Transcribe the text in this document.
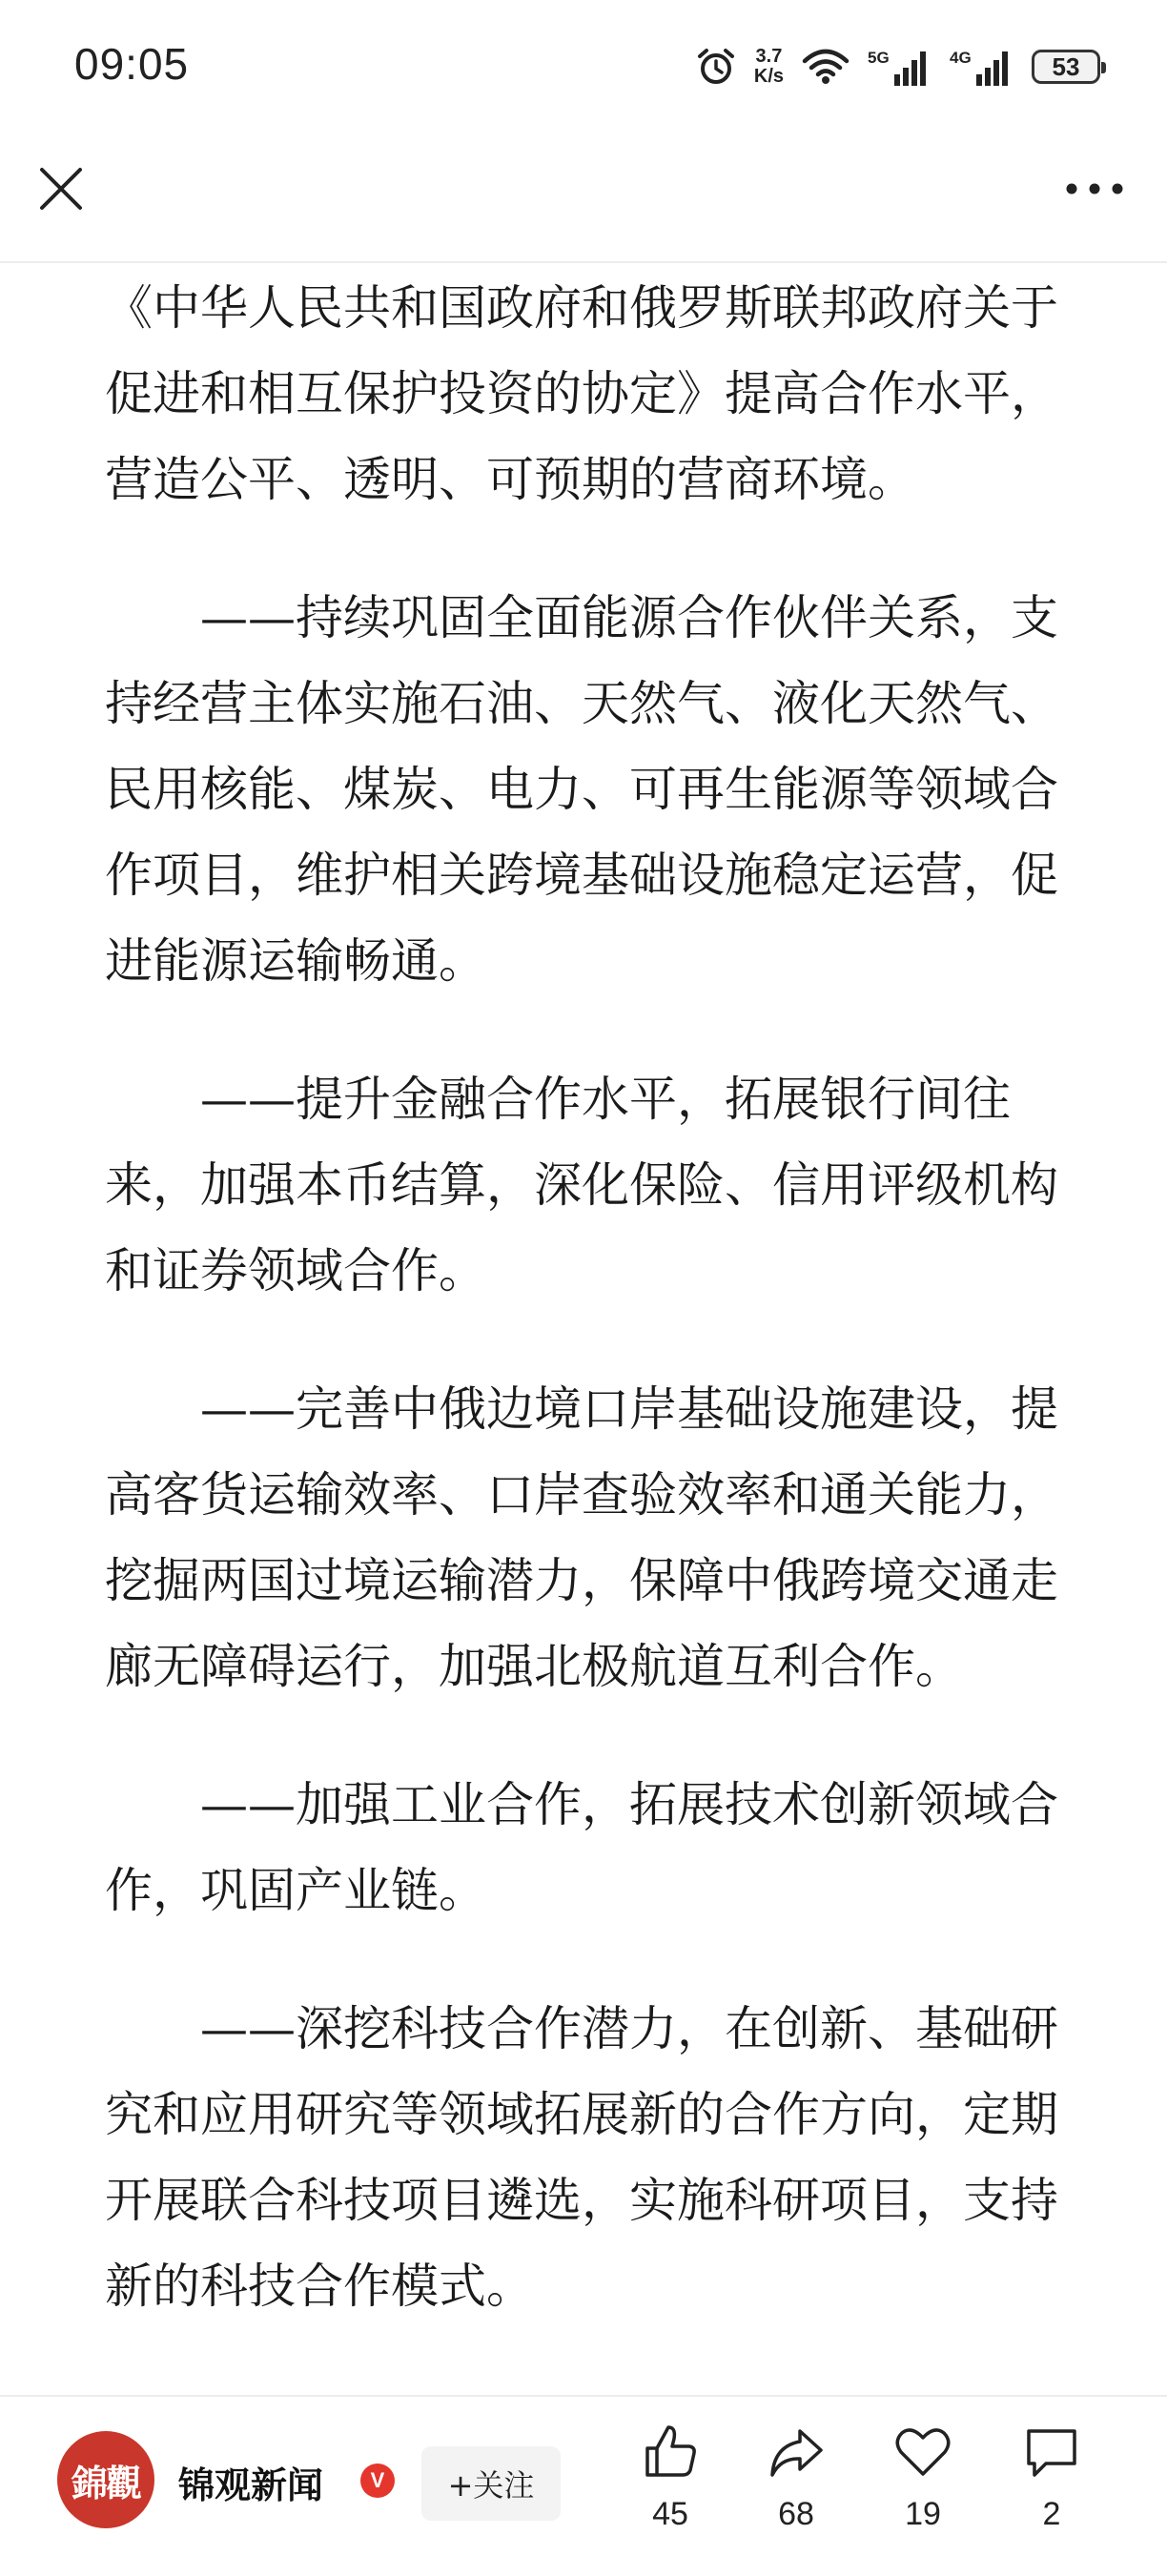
09:05	3.7
K/s
5G	4G	53

《中华人民共和国政府和俄罗斯联邦政府关于促进和相互保护投资的协定》提高合作水平，营造公平、透明、可预期的营商环境。

——持续巩固全面能源合作伙伴关系，支持经营主体实施石油、天然气、液化天然气、民用核能、煤炭、电力、可再生能源等领域合作项目，维护相关跨境基础设施稳定运营，促进能源运输畅通。

——提升金融合作水平，拓展银行间往来，加强本币结算，深化保险、信用评级机构和证券领域合作。

——完善中俄边境口岸基础设施建设，提高客货运输效率、口岸查验效率和通关能力，挖掘两国过境运输潜力，保障中俄跨境交通走廊无障碍运行，加强北极航道互利合作。

——加强工业合作，拓展技术创新领域合作，巩固产业链。

——深挖科技合作潜力，在创新、基础研究和应用研究等领域拓展新的合作方向，定期开展联合科技项目遴选，实施科研项目，支持新的科技合作模式。

錦觀	锦观新闻	V	+关注
45	68	19	2
